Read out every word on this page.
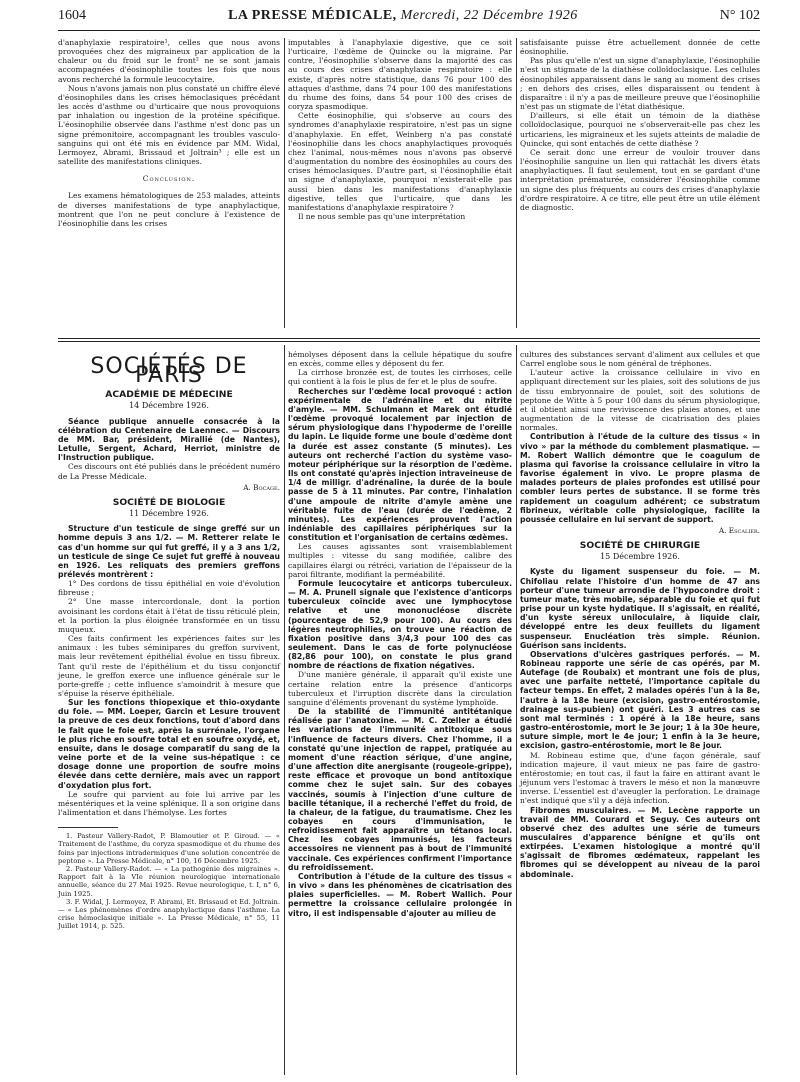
1604	LA PRESSE MÉDICALE, Mercredi, 22 Décembre 1926	N° 102

d'anaphylaxie respiratoire¹, celles que nous avons provoquées chez des migraineux par application de la chaleur ou du froid sur le front² ne se sont jamais accompagnées d'éosinophilie toutes les fois que nous avons recherché la formule leucocytaire.

Nous n'avons jamais non plus constaté un chiffre élevé d'éosinophiles dans les crises hémoclasiques précédant les accès d'asthme ou d'urticaire que nous provoquions par inhalation ou ingestion de la protéine spécifique. L'éosinophilie observée dans l'asthme n'est donc pas un signe prémonitoire, accompagnant les troubles vasculo-sanguins qui ont été mis en évidence par MM. Widal, Lermoyez, Abrami, Brissaud et Joltrain³ ; elle est un satellite des manifestations cliniques.

Conclusion.

Les examens hématologiques de 253 malades, atteints de diverses manifestations de type anaphylactique, montrent que l'on ne peut conclure à l'existence de l'éosinophilie dans les crises

imputables à l'anaphylaxie digestive, que ce soit l'urticaire, l'œdème de Quincke ou la migraine. Par contre, l'éosinophilie s'observe dans la majorité des cas au cours des crises d'anaphylaxie respiratoire : elle existe, d'après notre statistique, dans 76 pour 100 des attaques d'asthme, dans 74 pour 100 des manifestations du rhume des foins, dans 54 pour 100 des crises de coryza spasmodique.

Cette éosinophilie, qui s'observe au cours des syndromes d'anaphylaxie respiratoire, n'est pas un signe d'anaphylaxie. En effet, Weinberg n'a pas constaté l'éosinophilie dans les chocs anaphylactiques provoqués chez l'animal, nous-mêmes nous n'avons pas observé d'augmentation du nombre des éosinophiles au cours des crises hémoclasiques. D'autre part, si l'éosinophilie était un signe d'anaphylaxie, pourquoi n'existerait-elle pas aussi bien dans les manifestations d'anaphylaxie digestive, telles que l'urticaire, que dans les manifestations d'anaphylaxie respiratoire ?

Il ne nous semble pas qu'une interprétation

satisfaisante puisse être actuellement donnée de cette éosinophilie.

Pas plus qu'elle n'est un signe d'anaphylaxie, l'éosinophilie n'est un stigmate de la diathèse colloïdoclasique. Les cellules éosinophiles apparaissent dans le sang au moment des crises ; en dehors des crises, elles disparaissent ou tendent à disparaître : il n'y a pas de meilleure preuve que l'éosinophilie n'est pas un stigmate de l'état diathésique.

D'ailleurs, si elle était un témoin de la diathèse colloïdoclasique, pourquoi ne s'observerait-elle pas chez les urticariens, les migraineux et les sujets atteints de maladie de Quincke, qui sont entachés de cette diathèse ?

Ce serait donc une erreur de vouloir trouver dans l'éosinophilie sanguine un lien qui rattachât les divers états anaphylactiques. Il faut seulement, tout en se gardant d'une interprétation prématurée, considérer l'éosinophilie comme un signe des plus fréquents au cours des crises d'anaphylaxie d'ordre respiratoire. A ce titre, elle peut être un utile élément de diagnostic.

SOCIÉTÉS DE PARIS
ACADÉMIE DE MÉDECINE
14 Décembre 1926.

Séance publique annuelle consacrée à la célébration du Centenaire de Laennec. — Discours de MM. Bar, président, Mirallié (de Nantes), Letulle, Sergent, Achard, Herriot, ministre de l'Instruction publique.

Ces discours ont été publiés dans le précédent numéro de La Presse Médicale.

A. Bocage.
SOCIÉTÉ DE BIOLOGIE
11 Décembre 1926.

Structure d'un testicule de singe greffé sur un homme depuis 3 ans 1/2. — M. Retterer relate le cas d'un homme sur qui fut greffé, il y a 3 ans 1/2, un testicule de singe Ce sujet fut greffé à nouveau en 1926. Les reliquats des premiers greffons prélevés montrèrent :

1° Des cordons de tissu épithélial en voie d'évolution fibreuse ;

2° Une masse intercordonale, dont la portion avoisinant les cordons était à l'état de tissu réticulé plein, et la portion la plus éloignée transformée en un tissu muqueux.

Ces faits confirment les expériences faites sur les animaux : les tubes séminipares du greffon survivent, mais leur revêtement épithélial évolue en tissu fibreux. Tant qu'il reste de l'épithélium et du tissu conjonctif jeune, le greffon exerce une influence générale sur le porte-greffe ; cette influence s'amoindrit à mesure que s'épuise la réserve épithéliale.

Sur les fonctions thiopexique et thio-oxydante du foie. — MM. Loeper, Garcin et Lesure trouvent la preuve de ces deux fonctions, tout d'abord dans le fait que le foie est, après la surrénale, l'organe le plus riche en soufre total et en soufre oxydé, et, ensuite, dans le dosage comparatif du sang de la veine porte et de la veine sus-hépatique : ce dosage donne une proportion de soufre moins élevée dans cette dernière, mais avec un rapport d'oxydation plus fort.

Le soufre qui parvient au foie lui arrive par les mésentériques et la veine splénique. Il a son origine dans l'alimentation et dans l'hémolyse. Les fortes

1. Pasteur Vallery-Radot, P. Blamoutier et P. Giroud. — « Traitement de l'asthme, du coryza spasmodique et du rhume des foins par injections intradermiques d'une solution concentrée de peptone ». La Presse Médicale, n° 100, 16 Décembre 1925.

2. Pasteur Vallery-Radot. — « La pathogénie des migraines ». Rapport fait à la VIe réunion neurologique internationale annuelle, séance du 27 Mai 1925. Revue neurologique, t. I, n° 6, Juin 1925.

3. F. Widal, J. Lermoyez, P. Abrami, Et. Brissaud et Ed. Joltrain. — « Les phénomènes d'ordre anaphylactique dans l'asthme. La crise hémoclasique initiale ». La Presse Médicale, n° 55, 11 Juillet 1914, p. 525.

hémolyses déposent dans la cellule hépatique du soufre en excès, comme elles y déposent du fer.

La cirrhose bronzée est, de toutes les cirrhoses, celle qui contient à la fois le plus de fer et le plus de soufre.

Recherches sur l'œdème local provoqué : action expérimentale de l'adrénaline et du nitrite d'amyle. — MM. Schulmann et Marek ont étudié l'œdème provoqué localement par injection de sérum physiologique dans l'hypoderme de l'oreille du lapin. Le liquide forme une boule d'œdème dont la durée est assez constante (5 minutes). Les auteurs ont recherché l'action du système vaso-moteur périphérique sur la résorption de l'œdème. Ils ont constaté qu'après injection intraveineuse de 1/4 de milligr. d'adrénaline, la durée de la boule passe de 5 à 11 minutes. Par contre, l'inhalation d'une ampoule de nitrite d'amyle amène une véritable fuite de l'eau (durée de l'œdème, 2 minutes). Les expériences prouvent l'action indéniable des capillaires périphériques sur la constitution et l'organisation de certains œdèmes.

Les causes agissantes sont vraisemblablement multiples : vitesse du sang modifiée, calibre des capillaires élargi ou rétréci, variation de l'épaisseur de la paroi filtrante, modifiant la perméabilité.

Formule leucocytaire et anticorps tuberculeux. — M. A. Prunell signale que l'existence d'anticorps tuberculeux coïncide avec une lymphocytose relative et une mononucléose discrète (pourcentage de 52,9 pour 100). Au cours des légères neutrophilies, on trouve une réaction de fixation positive dans 3/4,3 pour 100 des cas seulement. Dans le cas de forte polynucléose (82,86 pour 100), on constate le plus grand nombre de réactions de fixation négatives.

D'une manière générale, il apparaît qu'il existe une certaine relation entre la présence d'anticorps tuberculeux et l'irruption discrète dans la circulation sanguine d'éléments provenant du système lymphoïde.

De la stabilité de l'immunité antitétanique réalisée par l'anatoxine. — M. C. Zœller a étudié les variations de l'immunité antitoxique sous l'influence de facteurs divers. Chez l'homme, il a constaté qu'une injection de rappel, pratiquée au moment d'une réaction sérique, d'une angine, d'une affection dite anergisante (rougeole-grippe), reste efficace et provoque un bond antitoxique comme chez le sujet sain. Sur des cobayes vaccinés, soumis à l'injection d'une culture de bacille tétanique, il a recherché l'effet du froid, de la chaleur, de la fatigue, du traumatisme. Chez les cobayes en cours d'immunisation, le refroidissement fait apparaître un tétanos local. Chez les cobayes immunisés, les facteurs accessoires ne viennent pas à bout de l'immunité vaccinale. Ces expériences confirment l'importance du refroidissement.

Contribution à l'étude de la culture des tissus « in vivo » dans les phénomènes de cicatrisation des plaies superficielles. — M. Robert Wallich. Pour permettre la croissance cellulaire prolongée in vitro, il est indispensable d'ajouter au milieu de

cultures des substances servant d'aliment aux cellules et que Carrel englobe sous le nom général de tréphones.

L'auteur active la croissance cellulaire in vivo en appliquant directement sur les plaies, soit des solutions de jus de tissu embryonnaire de poulet, soit des solutions de peptone de Witte à 5 pour 100 dans du sérum physiologique, et il obtient ainsi une reviviscence des plaies atones, et une augmentation de la vitesse de cicatrisation des plaies normales.

Contribution à l'étude de la culture des tissus « in vivo » par la méthode du comblement plasmatique. — M. Robert Wallich démontre que le coagulum de plasma qui favorise la croissance cellulaire in vitro la favorise également in vivo. Le propre plasma de malades porteurs de plaies profondes est utilisé pour combler leurs pertes de substance. Il se forme très rapidement un coagulum adhérent; ce substratum fibrineux, véritable colle physiologique, facilite la poussée cellulaire en lui servant de support.

A. Escalier.
SOCIÉTÉ DE CHIRURGIE
15 Décembre 1926.

Kyste du ligament suspenseur du foie. — M. Chifoliau relate l'histoire d'un homme de 47 ans porteur d'une tumeur arrondie de l'hypocondre droit : tumeur mate, très mobile, séparable du foie et qui fut prise pour un kyste hydatique. Il s'agissait, en réalité, d'un kyste séreux uniloculaire, à liquide clair, développé entre les deux feuillets du ligament suspenseur. Enucléation très simple. Réunion. Guérison sans incidents.

Observations d'ulcères gastriques perforés. — M. Robineau rapporte une série de cas opérés, par M. Autefage (de Roubaix) et montrant une fois de plus, avec une parfaite netteté, l'importance capitale du facteur temps. En effet, 2 malades opérés l'un à la 8e, l'autre à la 18e heure (excision, gastro-entérostomie, drainage sus-pubien) ont guéri. Les 3 autres cas se sont mal terminés : 1 opéré à la 18e heure, sans gastro-entérostomie, mort le 3e jour; 1 à la 30e heure, suture simple, mort le 4e jour; 1 enfin à la 3e heure, excision, gastro-entérostomie, mort le 8e jour.

M. Robineau estime que, d'une façon générale, sauf indication majeure, il vaut mieux ne pas faire de gastro-entérostomie; en tout cas, il faut la faire en attirant avant le jéjunum vers l'estomac à travers le méso et non la manœuvre inverse. L'essentiel est d'aveugler la perforation. Le drainage n'est indiqué que s'il y a déjà infection.

Fibromes musculaires. — M. Lecène rapporte un travail de MM. Courard et Seguy. Ces auteurs ont observé chez des adultes une série de tumeurs musculaires d'apparence bénigne et qu'ils ont extirpées. L'examen histologique a montré qu'il s'agissait de fibromes œdémateux, rappelant les fibromes qui se développent au niveau de la paroi abdominale.
